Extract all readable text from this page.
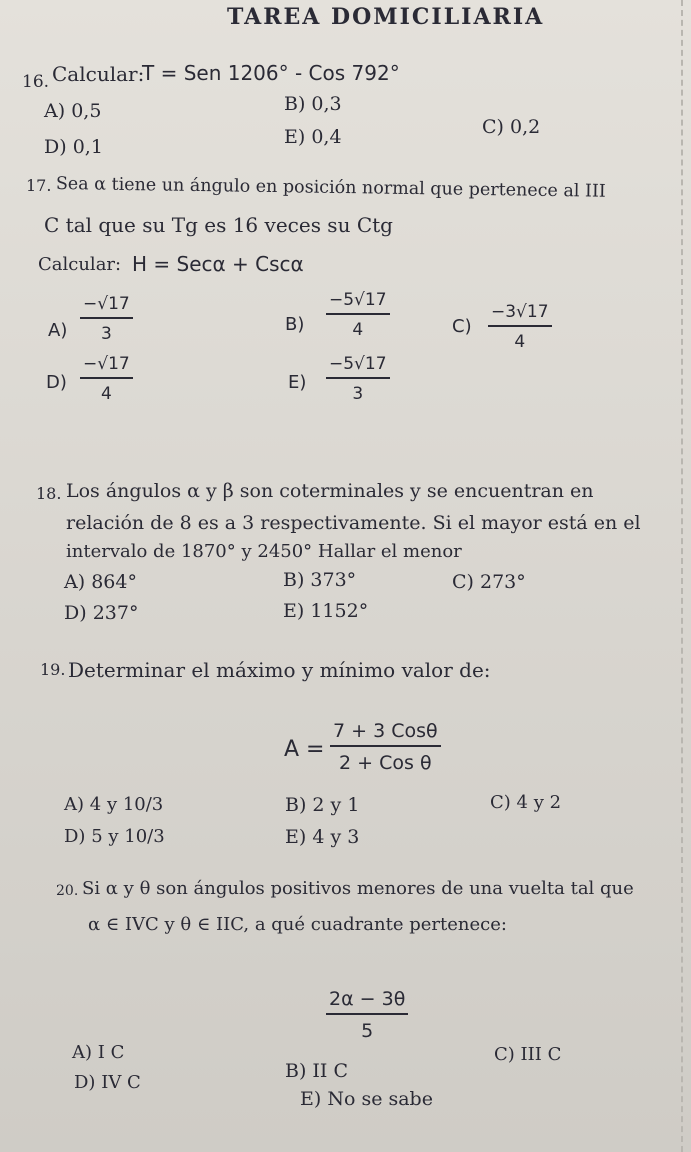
TAREA DOMICILIARIA
16. Calcular:
T = Sen 1206° - Cos 792°
A) 0,5	B) 0,3
C) 0,2
D) 0,1	E) 0,4
17. Sea α tiene un ángulo en posición normal que pertenece al III
C tal que su Tg es 16 veces su Ctg
Calcular: H = Secα + Cscα
$A) \frac{-√17}{3}$	$B) \frac{-5√17}{4}$	$C) \frac{-3√17}{4}$
$D) \frac{-√17}{4}$	$E) \frac{-5√17}{3}$
18. Los ángulos α y β son coterminales y se encuentran en
relación de 8 es a 3 respectivamente. Si el mayor está en el
intervalo de 1870° y 2450° Hallar el menor
A) 864°	B) 373°	C) 273°
D) 237°	E) 1152°
19. Determinar el máximo y mínimo valor de:
A =
7 + 3 Cosθ
2 + Cos θ
A) 4 y 10/3	B) 2 y 1	C) 4 y 2
D) 5 y 10/3	E) 4 y 3
20. Si α y θ son ángulos positivos menores de una vuelta tal que
α ∈ IVC y θ ∈ IIC, a qué cuadrante pertenece:
$\frac{2\alpha - 3\theta}{5}$
A) I C
B) II C
C) III C
D) IV C
E) No se sabe
